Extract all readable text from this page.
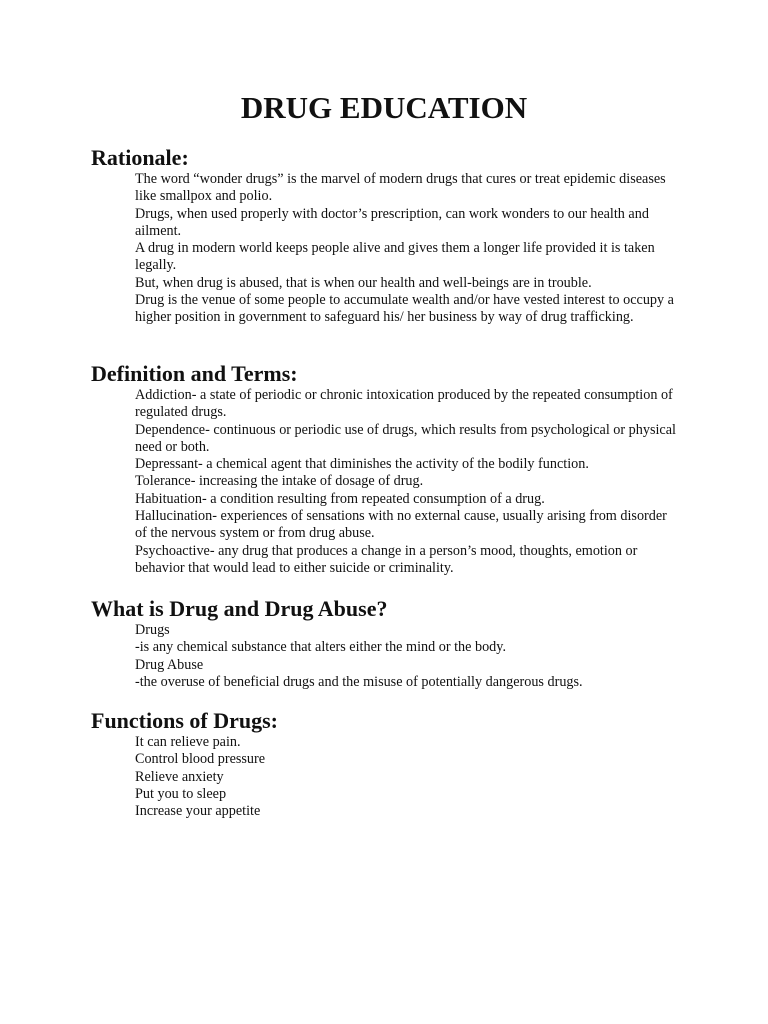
DRUG EDUCATION
Rationale:
The word “wonder drugs” is the marvel of modern drugs that cures or treat epidemic diseases like smallpox and polio.
Drugs, when used properly with doctor’s prescription, can work wonders to our health and ailment.
A drug in modern world keeps people alive and gives them a longer life provided it is taken legally.
But, when drug is abused, that is when our health and well-beings are in trouble.
Drug is the venue of some people to accumulate wealth and/or have vested interest to occupy a higher position in government to safeguard his/ her business by way of drug trafficking.
Definition and Terms:
Addiction- a state of periodic or chronic intoxication produced by the repeated consumption of regulated drugs.
Dependence- continuous or periodic use of drugs, which results from psychological or physical need or both.
Depressant- a chemical agent that diminishes the activity of the bodily function.
Tolerance- increasing the intake of dosage of drug.
Habituation- a condition resulting from repeated consumption of a drug.
Hallucination- experiences of sensations with no external cause, usually arising from disorder of the nervous system or from drug abuse.
Psychoactive- any drug that produces a change in a person’s mood, thoughts, emotion or behavior that would lead to either suicide or criminality.
What is Drug and Drug Abuse?
Drugs
-is any chemical substance that alters either the mind or the body.
Drug Abuse
-the overuse of beneficial drugs and the misuse of potentially dangerous drugs.
Functions of Drugs:
It can relieve pain.
Control blood pressure
Relieve anxiety
Put you to sleep
Increase your appetite
